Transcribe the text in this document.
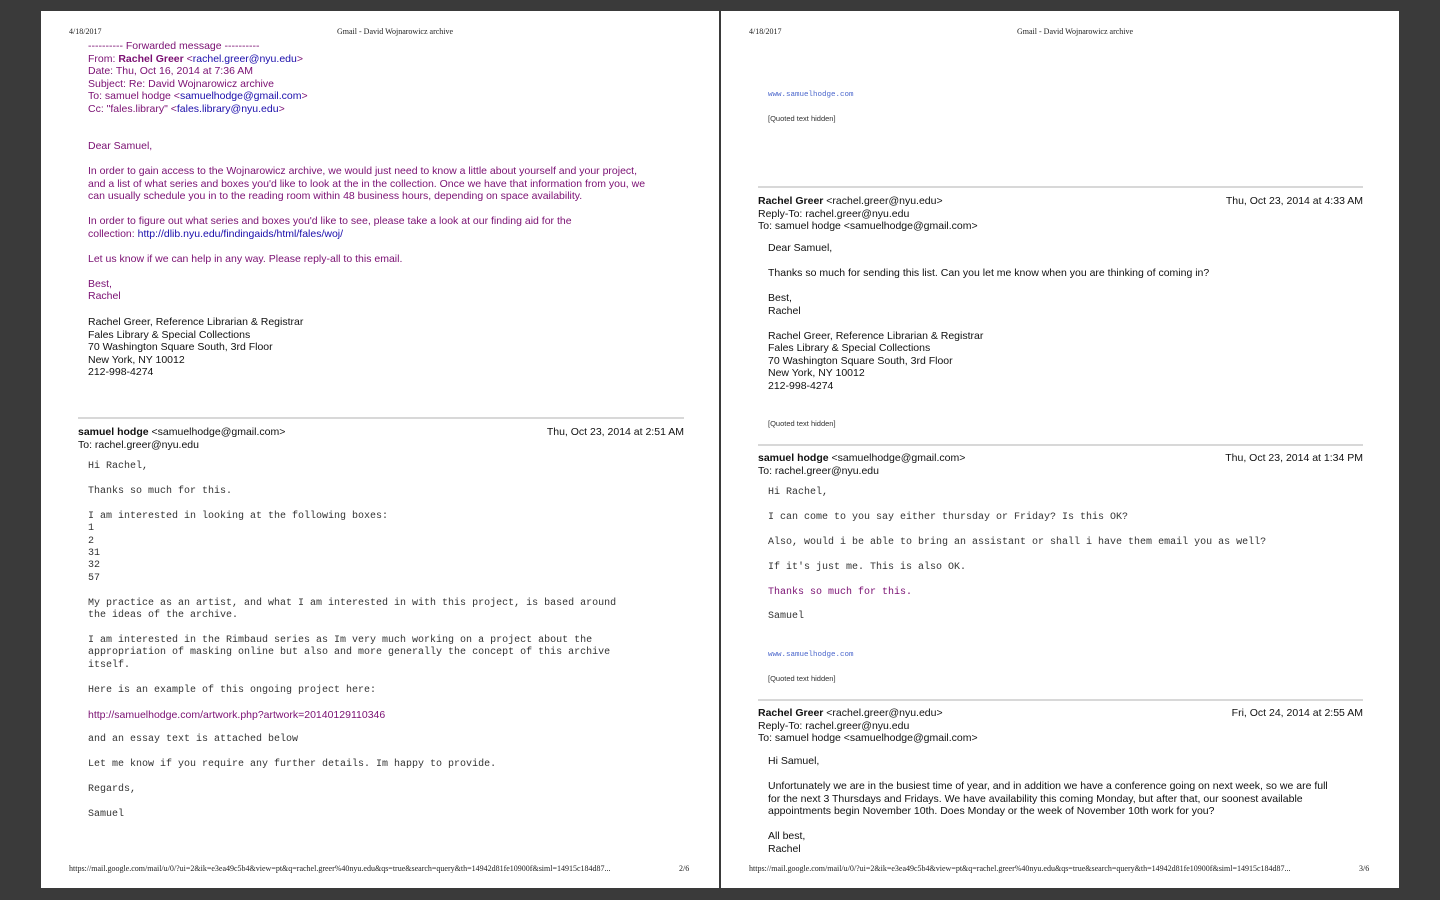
4/18/2017	Gmail - David Wojnarowicz archive
---------- Forwarded message ----------
From: Rachel Greer <rachel.greer@nyu.edu>
Date: Thu, Oct 16, 2014 at 7:36 AM
Subject: Re: David Wojnarowicz archive
To: samuel hodge <samuelhodge@gmail.com>
Cc: "fales.library" <fales.library@nyu.edu>
Dear Samuel,
In order to gain access to the Wojnarowicz archive, we would just need to know a little about yourself and your project,
and a list of what series and boxes you'd like to look at the in the collection. Once we have that information from you, we
can usually schedule you in to the reading room within 48 business hours, depending on space availability.
In order to figure out what series and boxes you'd like to see, please take a look at our finding aid for the
collection: http://dlib.nyu.edu/findingaids/html/fales/woj/
Let us know if we can help in any way. Please reply-all to this email.
Best,
Rachel
Rachel Greer, Reference Librarian & Registrar
Fales Library & Special Collections
70 Washington Square South, 3rd Floor
New York, NY 10012
212-998-4274
samuel hodge <samuelhodge@gmail.com>
To: rachel.greer@nyu.edu
Thu, Oct 23, 2014 at 2:51 AM
Hi Rachel,
Thanks so much for this.
I am interested in looking at the following boxes:
1
2
31
32
57
My practice as an artist, and what I am interested in with this project, is based around
the ideas of the archive.
I am interested in the Rimbaud series as Im very much working on a project about the
appropriation of masking online but also and more generally the concept of this archive
itself.
Here is an example of this ongoing project here:
http://samuelhodge.com/artwork.php?artwork=20140129110346
and an essay text is attached below
Let me know if you require any further details. Im happy to provide.
Regards,
Samuel
https://mail.google.com/mail/u/0/?ui=2&ik=e3ea49c5b4&view=pt&q=rachel.greer%40nyu.edu&qs=true&search=query&th=14942d81fe10900f&siml=14915c184d87...	2/6
4/18/2017	Gmail - David Wojnarowicz archive
www.samuelhodge.com
[Quoted text hidden]
Rachel Greer <rachel.greer@nyu.edu>
Reply-To: rachel.greer@nyu.edu
To: samuel hodge <samuelhodge@gmail.com>
Thu, Oct 23, 2014 at 4:33 AM
Dear Samuel,
Thanks so much for sending this list. Can you let me know when you are thinking of coming in?
Best,
Rachel
Rachel Greer, Reference Librarian & Registrar
Fales Library & Special Collections
70 Washington Square South, 3rd Floor
New York, NY 10012
212-998-4274
[Quoted text hidden]
samuel hodge <samuelhodge@gmail.com>
To: rachel.greer@nyu.edu
Thu, Oct 23, 2014 at 1:34 PM
Hi Rachel,
I can come to you say either thursday or Friday? Is this OK?
Also, would i be able to bring an assistant or shall i have them email you as well?
If it's just me. This is also OK.
Thanks so much for this.
Samuel
www.samuelhodge.com
[Quoted text hidden]
Rachel Greer <rachel.greer@nyu.edu>
Reply-To: rachel.greer@nyu.edu
To: samuel hodge <samuelhodge@gmail.com>
Fri, Oct 24, 2014 at 2:55 AM
Hi Samuel,
Unfortunately we are in the busiest time of year, and in addition we have a conference going on next week, so we are full
for the next 3 Thursdays and Fridays. We have availability this coming Monday, but after that, our soonest available
appointments begin November 10th. Does Monday or the week of November 10th work for you?
All best,
Rachel
https://mail.google.com/mail/u/0/?ui=2&ik=e3ea49c5b4&view=pt&q=rachel.greer%40nyu.edu&qs=true&search=query&th=14942d81fe10900f&siml=14915c184d87...	3/6
